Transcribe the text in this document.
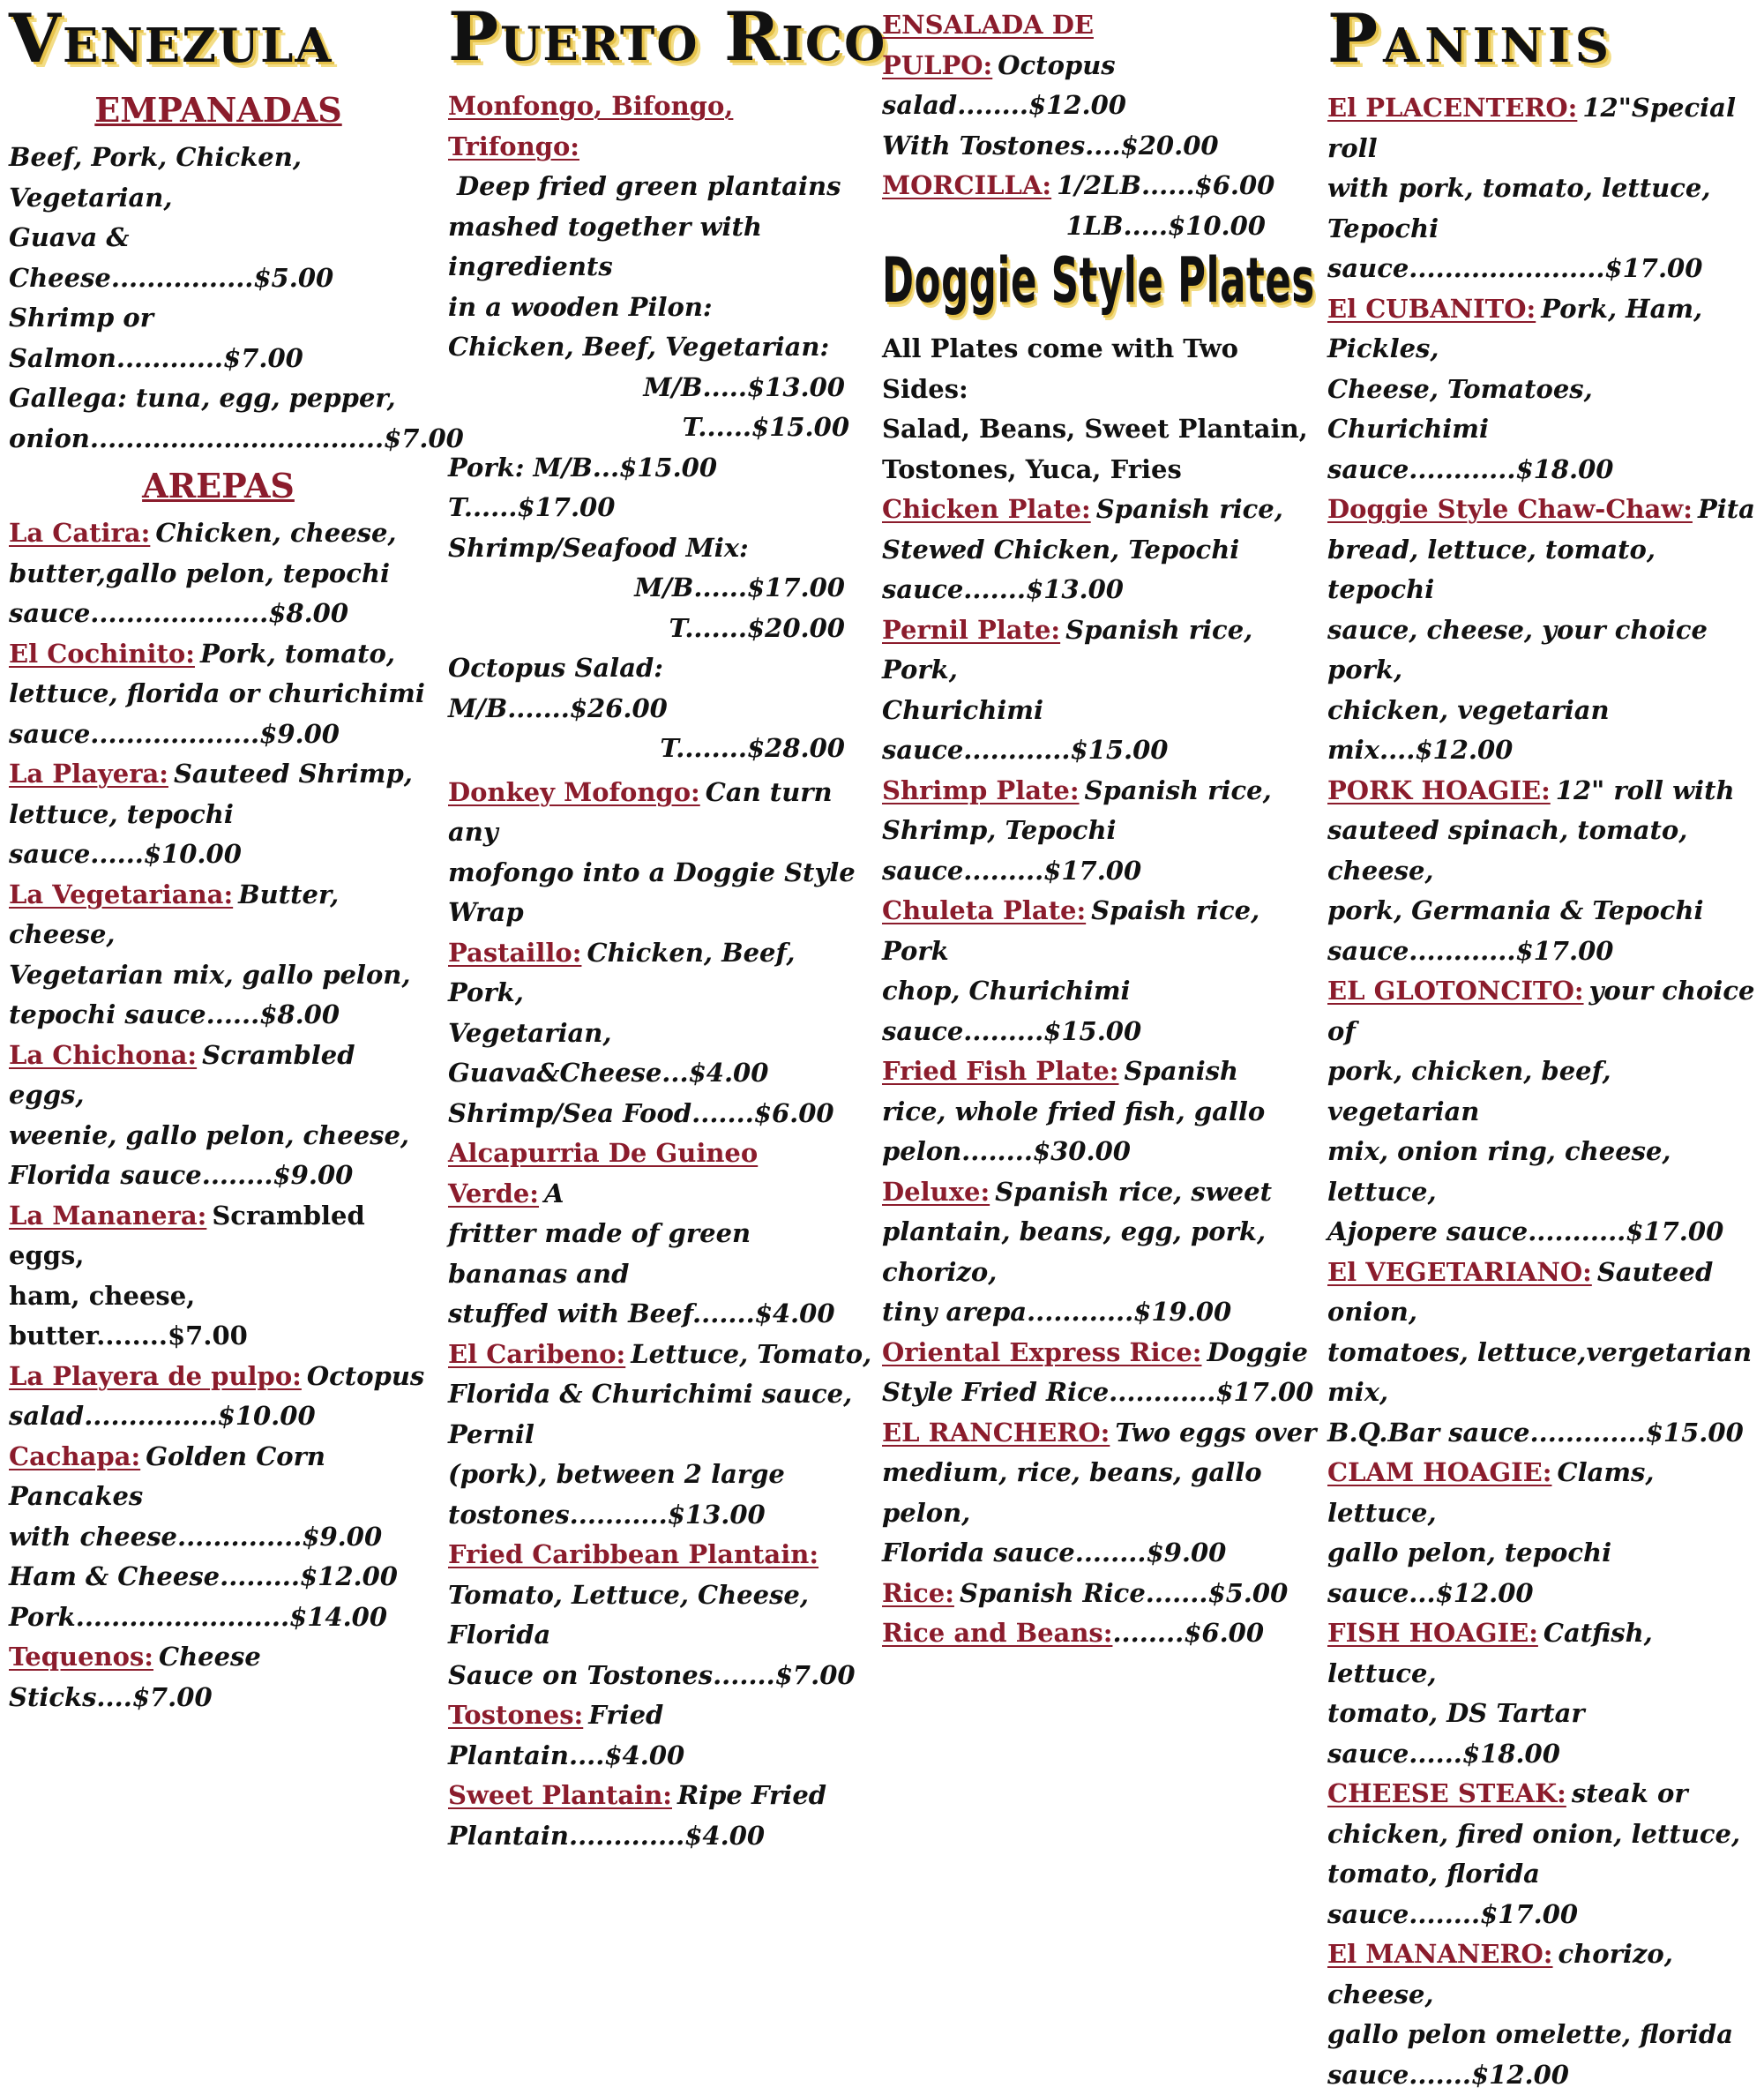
Venezula
EMPANADAS

Beef, Pork, Chicken, Vegetarian,
Guava & Cheese................$5.00
Shrimp or Salmon............$7.00
Gallega: tuna, egg, pepper,
onion.................................$7.00

AREPAS

La Catira: Chicken, cheese,
butter,gallo pelon, tepochi
sauce....................$8.00

El Cochinito: Pork, tomato,
lettuce, florida or churichimi
sauce...................$9.00

La Playera: Sauteed Shrimp,
lettuce, tepochi sauce......$10.00

La Vegetariana: Butter, cheese,
Vegetarian mix, gallo pelon,
tepochi sauce......$8.00

La Chichona: Scrambled eggs,
weenie, gallo pelon, cheese,
Florida sauce........$9.00

La Mananera: Scrambled eggs,
ham, cheese, butter........$7.00

La Playera de pulpo: Octopus
salad...............$10.00

Cachapa: Golden Corn Pancakes
with cheese..............$9.00
Ham & Cheese.........$12.00
Pork........................$14.00

Tequenos: Cheese Sticks....$7.00

Puerto Rico

Monfongo, Bifongo, Trifongo:
Deep fried green plantains
mashed together with ingredients
in a wooden Pilon:
Chicken, Beef, Vegetarian:
M/B.....$13.00
T......$15.00
Pork: M/B...$15.00 T......$17.00
Shrimp/Seafood Mix:
M/B......$17.00
T.......$20.00
Octopus Salad: M/B.......$26.00
T........$28.00

Donkey Mofongo: Can turn any
mofongo into a Doggie Style Wrap

Pastaillo: Chicken, Beef, Pork,
Vegetarian, Guava&Cheese...$4.00
Shrimp/Sea Food.......$6.00

Alcapurria De Guineo Verde: A
fritter made of green bananas and
stuffed with Beef.......$4.00

El Caribeno: Lettuce, Tomato,
Florida & Churichimi sauce, Pernil
(pork), between 2 large
tostones...........$13.00

Fried Caribbean Plantain:
Tomato, Lettuce, Cheese, Florida
Sauce on Tostones.......$7.00

Tostones: Fried Plantain....$4.00

Sweet Plantain: Ripe Fried
Plantain.............$4.00

ENSALADA DE PULPO: Octopus
salad........$12.00
With Tostones....$20.00

MORCILLA: 1/2LB......$6.00
1LB.....$10.00

Doggie Style Plates

All Plates come with Two Sides:
Salad, Beans, Sweet Plantain,
Tostones, Yuca, Fries

Chicken Plate: Spanish rice,
Stewed Chicken, Tepochi
sauce.......$13.00

Pernil Plate: Spanish rice, Pork,
Churichimi sauce............$15.00

Shrimp Plate: Spanish rice,
Shrimp, Tepochi sauce.........$17.00

Chuleta Plate: Spaish rice, Pork
chop, Churichimi sauce.........$15.00

Fried Fish Plate: Spanish
rice, whole fried fish, gallo
pelon........$30.00

Deluxe: Spanish rice, sweet
plantain, beans, egg, pork, chorizo,
tiny arepa............$19.00

Oriental Express Rice: Doggie
Style Fried Rice............$17.00

EL RANCHERO: Two eggs over
medium, rice, beans, gallo pelon,
Florida sauce........$9.00

Rice: Spanish Rice.......$5.00

Rice and Beans:........$6.00

Paninis

El PLACENTERO: 12"Special roll
with pork, tomato, lettuce, Tepochi
sauce......................$17.00

El CUBANITO: Pork, Ham, Pickles,
Cheese, Tomatoes, Churichimi
sauce............$18.00

Doggie Style Chaw-Chaw: Pita
bread, lettuce, tomato, tepochi
sauce, cheese, your choice pork,
chicken, vegetarian mix....$12.00

PORK HOAGIE: 12" roll with
sauteed spinach, tomato, cheese,
pork, Germania & Tepochi
sauce............$17.00

EL GLOTONCITO: your choice of
pork, chicken, beef, vegetarian
mix, onion ring, cheese, lettuce,
Ajopere sauce...........$17.00

El VEGETARIANO: Sauteed onion,
tomatoes, lettuce,vergetarian mix,
B.Q.Bar sauce.............$15.00

CLAM HOAGIE: Clams, lettuce,
gallo pelon, tepochi sauce...$12.00

FISH HOAGIE: Catfish, lettuce,
tomato, DS Tartar sauce......$18.00

CHEESE STEAK: steak or
chicken, fired onion, lettuce,
tomato, florida sauce........$17.00

El MANANERO: chorizo, cheese,
gallo pelon omelette, florida
sauce.......$12.00
